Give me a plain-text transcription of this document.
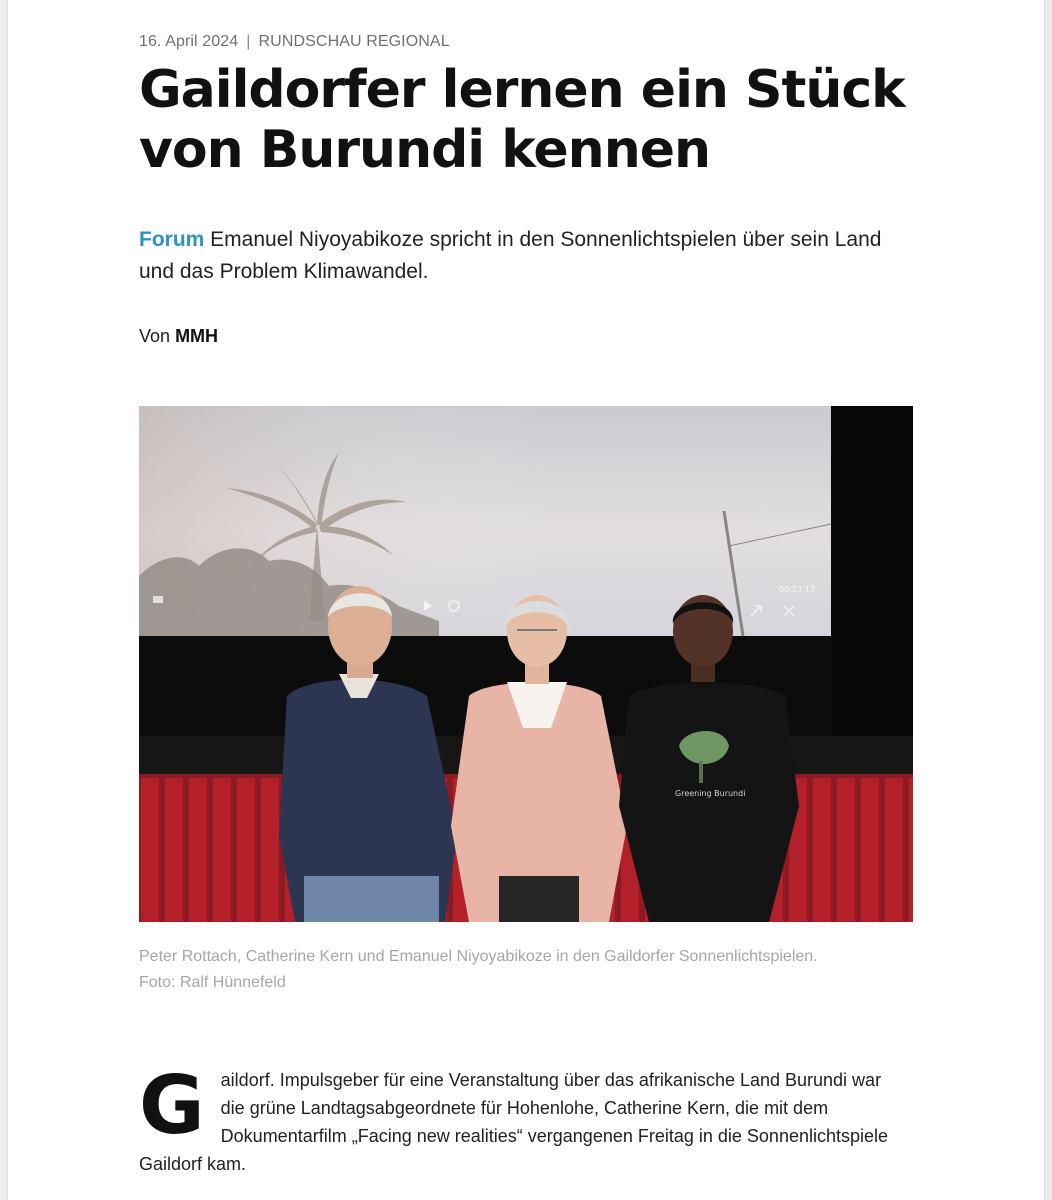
16. April 2024 | RUNDSCHAU REGIONAL
Gaildorfer lernen ein Stück von Burundi kennen

Forum Emanuel Niyoyabikoze spricht in den Sonnenlichtspielen über sein Land und das Problem Klimawandel.

Von MMH
00:23:17
Greening Burundi

Peter Rottach, Catherine Kern und Emanuel Niyoyabikoze in den Gaildorfer Sonnenlichtspielen.
Foto: Ralf Hünnefeld

Gaildorf. Impulsgeber für eine Veranstaltung über das afrikanische Land Burundi war die grüne Landtagsabgeordnete für Hohenlohe, Catherine Kern, die mit dem Dokumentarfilm „Facing new realities“ vergangenen Freitag in die Sonnenlichtspiele Gaildorf kam.
